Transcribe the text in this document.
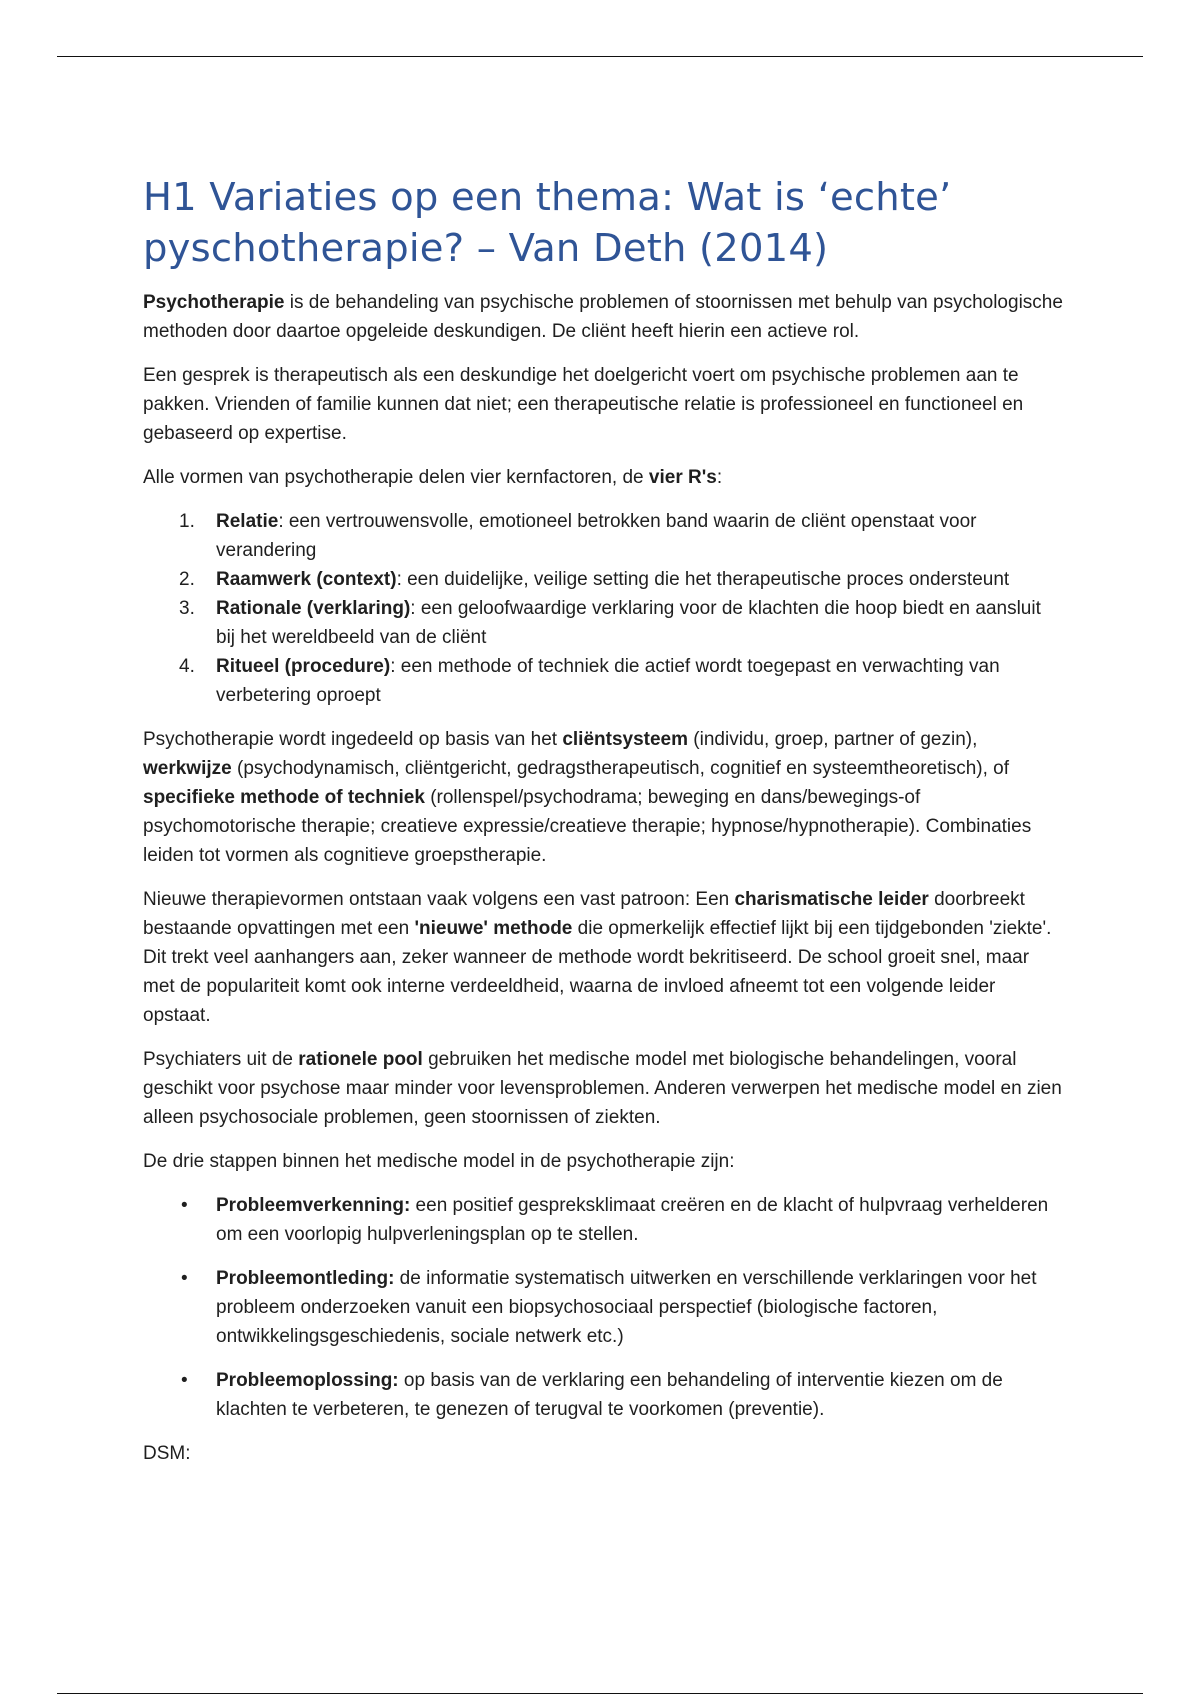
H1 Variaties op een thema: Wat is ‘echte’ pyschotherapie? – Van Deth (2014)

Psychotherapie is de behandeling van psychische problemen of stoornissen met behulp van psychologische methoden door daartoe opgeleide deskundigen. De cliënt heeft hierin een actieve rol.

Een gesprek is therapeutisch als een deskundige het doelgericht voert om psychische problemen aan te pakken. Vrienden of familie kunnen dat niet; een therapeutische relatie is professioneel en functioneel en gebaseerd op expertise.

Alle vormen van psychotherapie delen vier kernfactoren, de vier R's:

1. Relatie: een vertrouwensvolle, emotioneel betrokken band waarin de cliënt openstaat voor verandering
2. Raamwerk (context): een duidelijke, veilige setting die het therapeutische proces ondersteunt
3. Rationale (verklaring): een geloofwaardige verklaring voor de klachten die hoop biedt en aansluit bij het wereldbeeld van de cliënt
4. Ritueel (procedure): een methode of techniek die actief wordt toegepast en verwachting van verbetering oproept

Psychotherapie wordt ingedeeld op basis van het cliëntsysteem (individu, groep, partner of gezin), werkwijze (psychodynamisch, cliëntgericht, gedragstherapeutisch, cognitief en systeemtheoretisch), of specifieke methode of techniek (rollenspel/psychodrama; beweging en dans/bewegings-of psychomotorische therapie; creatieve expressie/creatieve therapie; hypnose/hypnotherapie). Combinaties leiden tot vormen als cognitieve groepstherapie.

Nieuwe therapievormen ontstaan vaak volgens een vast patroon: Een charismatische leider doorbreekt bestaande opvattingen met een 'nieuwe' methode die opmerkelijk effectief lijkt bij een tijdgebonden 'ziekte'. Dit trekt veel aanhangers aan, zeker wanneer de methode wordt bekritiseerd. De school groeit snel, maar met de populariteit komt ook interne verdeeldheid, waarna de invloed afneemt tot een volgende leider opstaat.

Psychiaters uit de rationele pool gebruiken het medische model met biologische behandelingen, vooral geschikt voor psychose maar minder voor levensproblemen. Anderen verwerpen het medische model en zien alleen psychosociale problemen, geen stoornissen of ziekten.

De drie stappen binnen het medische model in de psychotherapie zijn:

• Probleemverkenning: een positief gespreksklimaat creëren en de klacht of hulpvraag verhelderen om een voorlopig hulpverleningsplan op te stellen.
• Probleemontleding: de informatie systematisch uitwerken en verschillende verklaringen voor het probleem onderzoeken vanuit een biopsychosociaal perspectief (biologische factoren, ontwikkelingsgeschiedenis, sociale netwerk etc.)
• Probleemoplossing: op basis van de verklaring een behandeling of interventie kiezen om de klachten te verbeteren, te genezen of terugval te voorkomen (preventie).

DSM:
